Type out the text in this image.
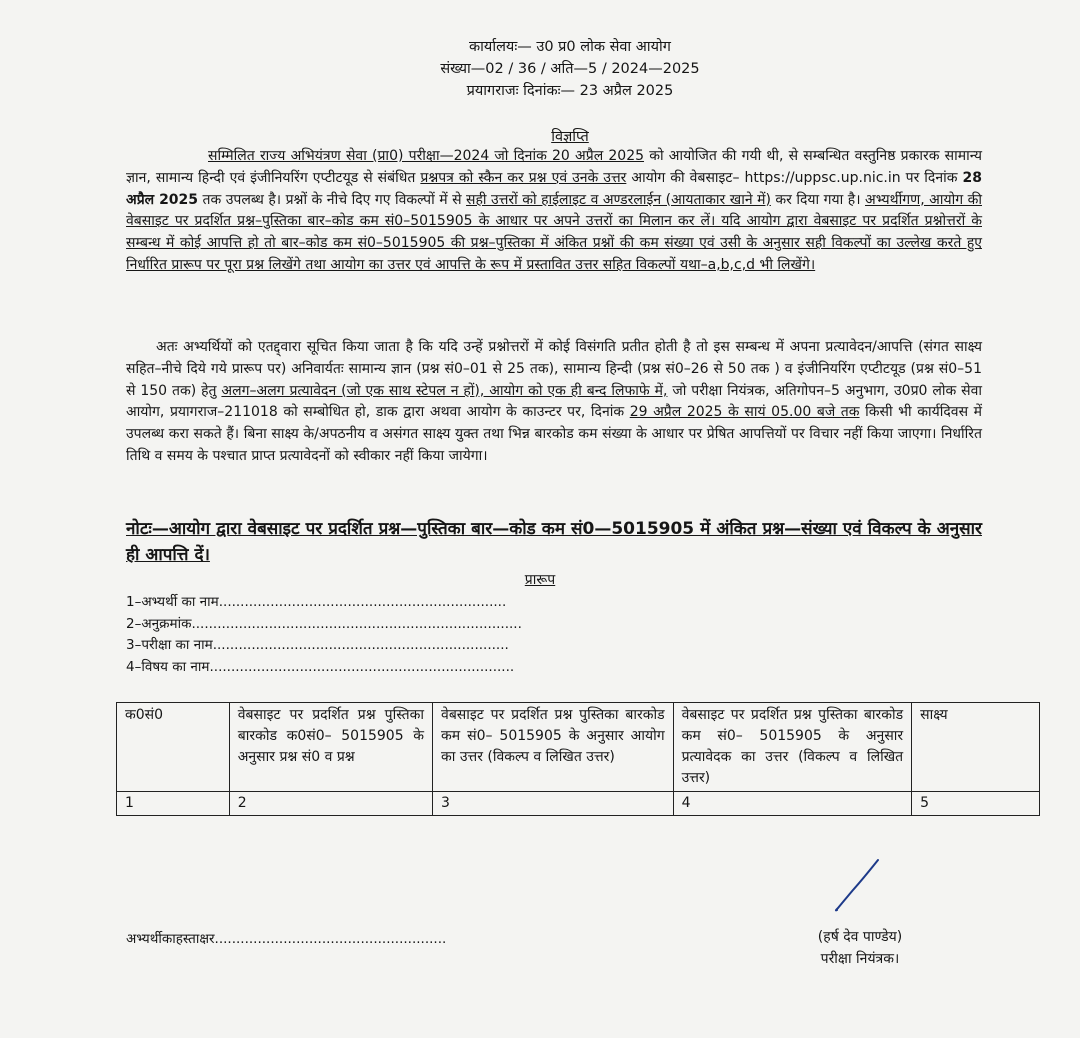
कार्यालयः— उ0 प्र0 लोक सेवा आयोग
संख्या—02 / 36 / अति—5 / 2024—2025
प्रयागराजः दिनांकः— 23 अप्रैल 2025
विज्ञप्ति
सम्मिलित राज्य अभियंत्रण सेवा (प्रा0) परीक्षा—2024 जो दिनांक 20 अप्रैल 2025 को आयोजित की गयी थी, से सम्बन्धित वस्तुनिष्ठ प्रकारक सामान्य ज्ञान, सामान्य हिन्दी एवं इंजीनियरिंग एप्टीटयूड से संबंधित प्रश्नपत्र को स्कैन कर प्रश्न एवं उनके उत्तर आयोग की वेबसाइट– https://uppsc.up.nic.in पर दिनांक 28 अप्रैल 2025 तक उपलब्ध है। प्रश्नों के नीचे दिए गए विकल्पों में से सही उत्तरों को हाईलाइट व अण्डरलाईन (आयताकार खाने में) कर दिया गया है। अभ्यर्थीगण, आयोग की वेबसाइट पर प्रदर्शित प्रश्न–पुस्तिका बार–कोड कम सं0–5015905 के आधार पर अपने उत्तरों का मिलान कर लें। यदि आयोग द्वारा वेबसाइट पर प्रदर्शित प्रश्नोत्तरों के सम्बन्ध में कोई आपत्ति हो तो बार–कोड कम सं0–5015905 की प्रश्न–पुस्तिका में अंकित प्रश्नों की कम संख्या एवं उसी के अनुसार सही विकल्पों का उल्लेख करते हुए निर्धारित प्रारूप पर पूरा प्रश्न लिखेंगे तथा आयोग का उत्तर एवं आपत्ति के रूप में प्रस्तावित उत्तर सहित विकल्पों यथा–a,b,c,d भी लिखेंगे।
अतः अभ्यर्थियों को एतद्द्वारा सूचित किया जाता है कि यदि उन्हें प्रश्नोत्तरों में कोई विसंगति प्रतीत होती है तो इस सम्बन्ध में अपना प्रत्यावेदन/आपत्ति (संगत साक्ष्य सहित–नीचे दिये गये प्रारूप पर) अनिवार्यतः सामान्य ज्ञान (प्रश्न सं0–01 से 25 तक), सामान्य हिन्दी (प्रश्न सं0–26 से 50 तक ) व इंजीनियरिंग एप्टीटयूड (प्रश्न सं0–51 से 150 तक) हेतु अलग–अलग प्रत्यावेदन (जो एक साथ स्टेपल न हों), आयोग को एक ही बन्द लिफाफे में, जो परीक्षा नियंत्रक, अतिगोपन–5 अनुभाग, उ0प्र0 लोक सेवा आयोग, प्रयागराज–211018 को सम्बोधित हो, डाक द्वारा अथवा आयोग के काउन्टर पर, दिनांक 29 अप्रैल 2025 के सायं 05.00 बजे तक किसी भी कार्यदिवस में उपलब्ध करा सकते हैं। बिना साक्ष्य के/अपठनीय व असंगत साक्ष्य युक्त तथा भिन्न बारकोड कम संख्या के आधार पर प्रेषित आपत्तियों पर विचार नहीं किया जाएगा। निर्धारित तिथि व समय के पश्चात प्राप्त प्रत्यावेदनों को स्वीकार नहीं किया जायेगा।
नोटः—आयोग द्वारा वेबसाइट पर प्रदर्शित प्रश्न—पुस्तिका बार—कोड कम सं0—5015905 में अंकित प्रश्न—संख्या एवं विकल्प के अनुसार ही आपत्ति दें।
प्रारूप
1–अभ्यर्थी का नाम...................................................................
2–अनुक्रमांक.............................................................................
3–परीक्षा का नाम.....................................................................
4–विषय का नाम.......................................................................
क0सं0	वेबसाइट पर प्रदर्शित प्रश्न पुस्तिका बारकोड क0सं0– 5015905 के अनुसार प्रश्न सं0 व प्रश्न	वेबसाइट पर प्रदर्शित प्रश्न पुस्तिका बारकोड कम सं0– 5015905 के अनुसार आयोग का उत्तर (विकल्प व लिखित उत्तर)	वेबसाइट पर प्रदर्शित प्रश्न पुस्तिका बारकोड कम सं0– 5015905 के अनुसार प्रत्यावेदक का उत्तर (विकल्प व लिखित उत्तर)	साक्ष्य
1	2	3	4	5
अभ्यर्थीकाहस्ताक्षर......................................................	(हर्ष देव पाण्डेय)
परीक्षा नियंत्रक।
